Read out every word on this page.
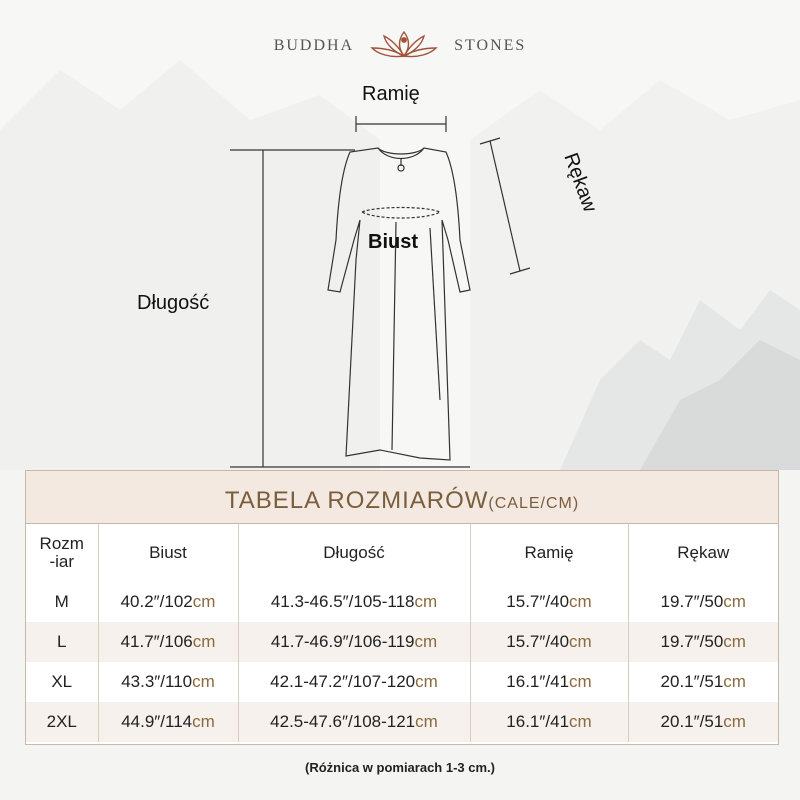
BUDDHA	STONES
Ramię
Rękaw
Biust
Długość
TABELA ROZMIARÓW(CALE/CM)
Rozm
-iar	Biust	Długość	Ramię	Rękaw
M	40.2″/102cm	41.3-46.5″/105-118cm	15.7″/40cm	19.7″/50cm
L	41.7″/106cm	41.7-46.9″/106-119cm	15.7″/40cm	19.7″/50cm
XL	43.3″/110cm	42.1-47.2″/107-120cm	16.1″/41cm	20.1″/51cm
2XL	44.9″/114cm	42.5-47.6″/108-121cm	16.1″/41cm	20.1″/51cm
(Różnica w pomiarach 1-3 cm.)
